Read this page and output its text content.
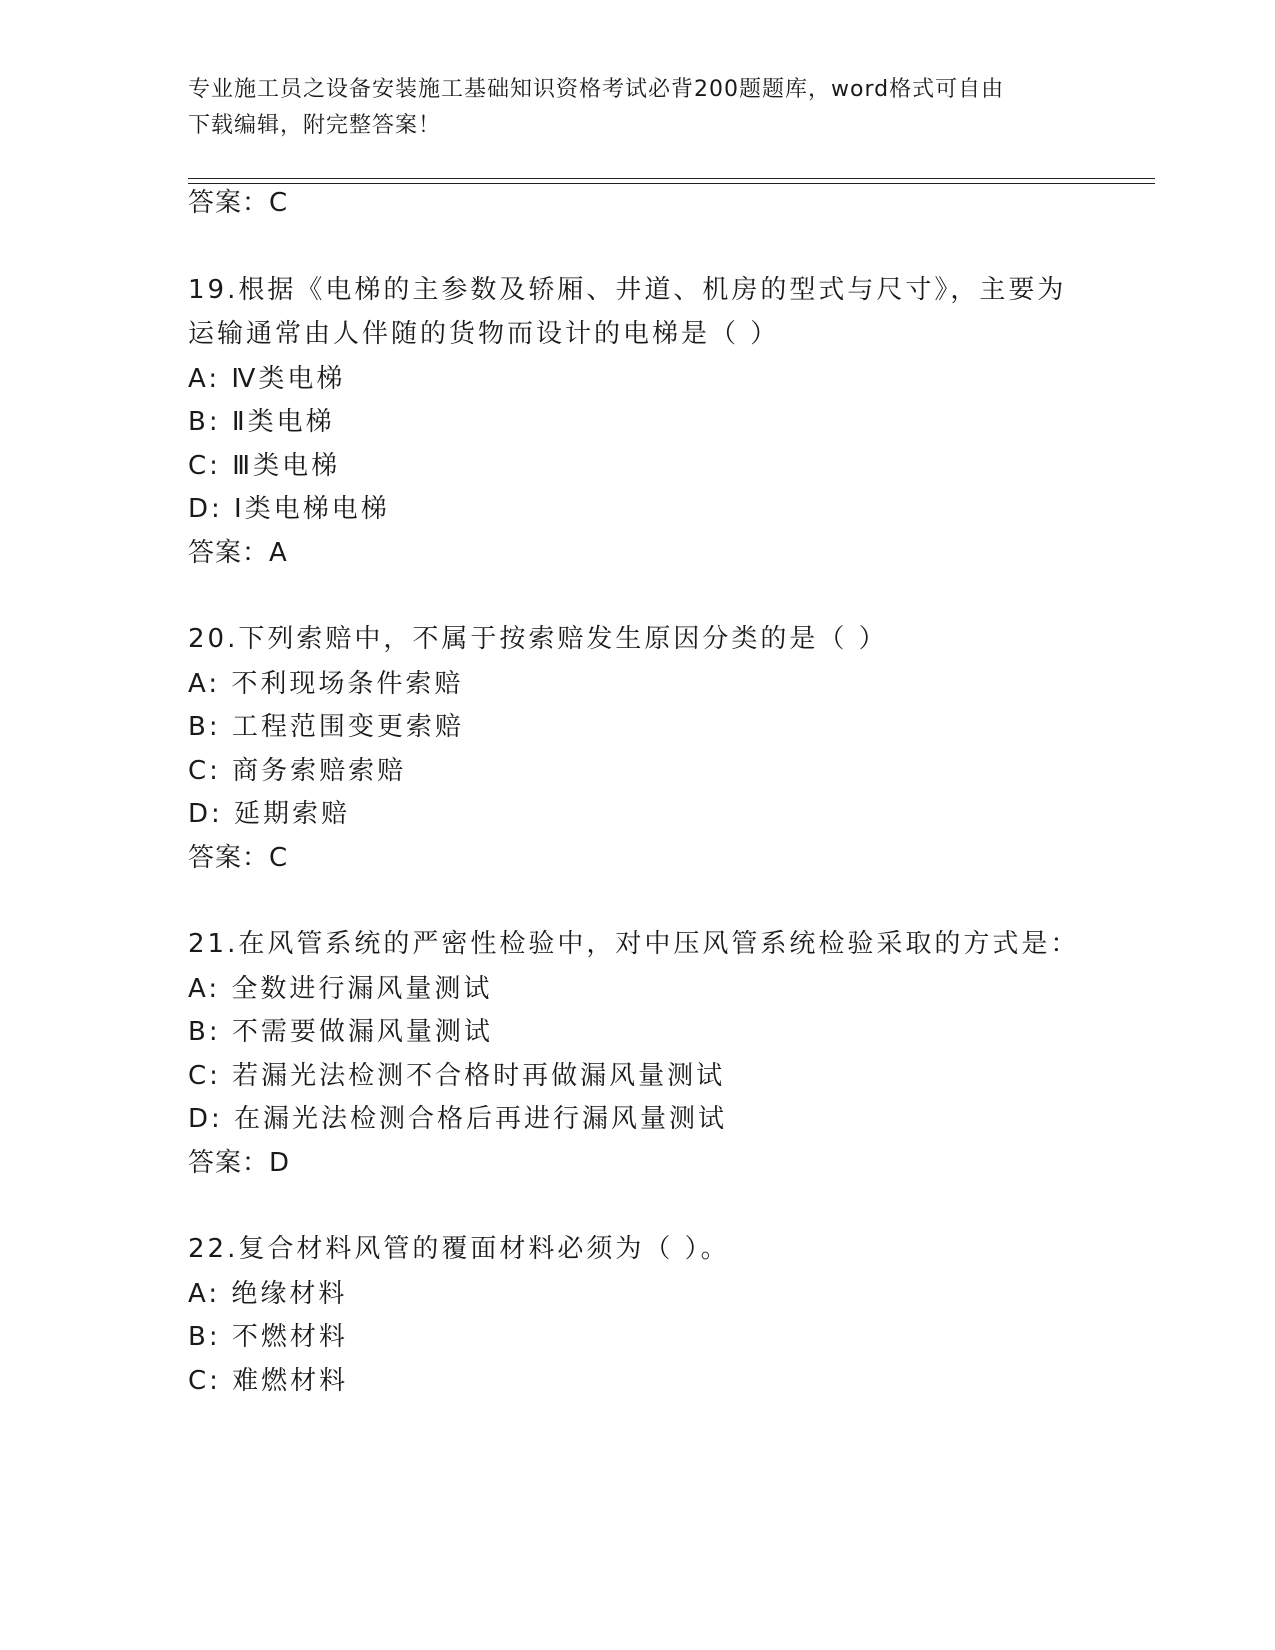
专业施工员之设备安装施工基础知识资格考试必背200题题库，word格式可自由
下载编辑，附完整答案！
答案：C
19.根据《电梯的主参数及轿厢、井道、机房的型式与尺寸》，主要为
运输通常由人伴随的货物而设计的电梯是（ ）
A: Ⅳ类电梯
B: Ⅱ类电梯
C: Ⅲ类电梯
D: Ⅰ类电梯电梯
答案：A
20.下列索赔中，不属于按索赔发生原因分类的是（ ）
A: 不利现场条件索赔
B: 工程范围变更索赔
C: 商务索赔索赔
D: 延期索赔
答案：C
21.在风管系统的严密性检验中，对中压风管系统检验采取的方式是：
A: 全数进行漏风量测试
B: 不需要做漏风量测试
C: 若漏光法检测不合格时再做漏风量测试
D: 在漏光法检测合格后再进行漏风量测试
答案：D
22.复合材料风管的覆面材料必须为（ ）。
A: 绝缘材料
B: 不燃材料
C: 难燃材料
